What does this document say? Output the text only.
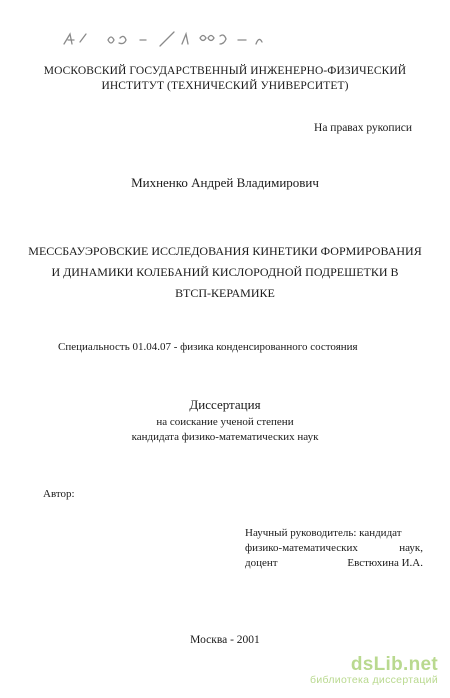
МОСКОВСКИЙ ГОСУДАРСТВЕННЫЙ ИНЖЕНЕРНО-ФИЗИЧЕСКИЙ
ИНСТИТУТ (ТЕХНИЧЕСКИЙ УНИВЕРСИТЕТ)
На правах рукописи
Михненко Андрей Владимирович
МЕССБАУЭРОВСКИЕ ИССЛЕДОВАНИЯ КИНЕТИКИ ФОРМИРОВАНИЯ
И ДИНАМИКИ КОЛЕБАНИЙ КИСЛОРОДНОЙ ПОДРЕШЕТКИ В
ВТСП-КЕРАМИКЕ
Специальность 01.04.07 - физика конденсированного состояния
Диссертация
на соискание ученой степени
кандидата физико-математических наук
Автор:
Научный руководитель: кандидат
физико-математических	наук,
доцент	Евстюхина И.А.
Москва - 2001
dsLib.net
библиотека диссертаций
